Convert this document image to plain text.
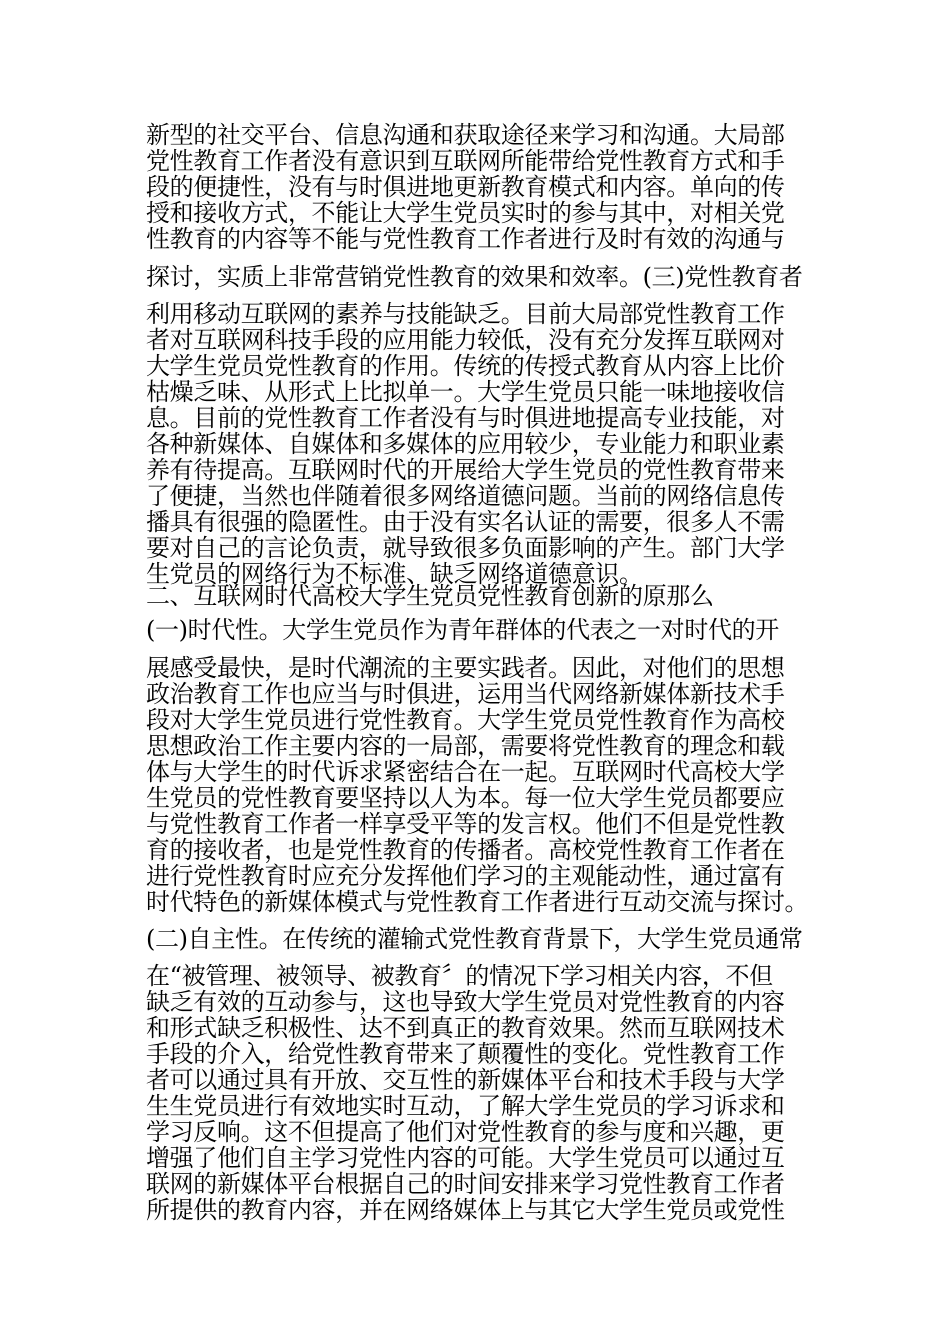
新型的社交平台、信息沟通和获取途径来学习和沟通。大局部
党性教育工作者没有意识到互联网所能带给党性教育方式和手
段的便捷性，没有与时俱进地更新教育模式和内容。单向的传
授和接收方式，不能让大学生党员实时的参与其中，对相关党
性教育的内容等不能与党性教育工作者进行及时有效的沟通与
探讨，实质上非常营销党性教育的效果和效率。(三)党性教育者
利用移动互联网的素养与技能缺乏。目前大局部党性教育工作
者对互联网科技手段的应用能力较低，没有充分发挥互联网对
大学生党员党性教育的作用。传统的传授式教育从内容上比价
枯燥乏味、从形式上比拟单一。大学生党员只能一味地接收信
息。目前的党性教育工作者没有与时俱进地提高专业技能，对
各种新媒体、自媒体和多媒体的应用较少，专业能力和职业素
养有待提高。互联网时代的开展给大学生党员的党性教育带来
了便捷，当然也伴随着很多网络道德问题。当前的网络信息传
播具有很强的隐匿性。由于没有实名认证的需要，很多人不需
要对自己的言论负责，就导致很多负面影响的产生。部门大学
生党员的网络行为不标准、缺乏网络道德意识。
二、互联网时代高校大学生党员党性教育创新的原那么
(一)时代性。大学生党员作为青年群体的代表之一对时代的开
展感受最快，是时代潮流的主要实践者。因此，对他们的思想
政治教育工作也应当与时俱进，运用当代网络新媒体新技术手
段对大学生党员进行党性教育。大学生党员党性教育作为高校
思想政治工作主要内容的一局部，需要将党性教育的理念和载
体与大学生的时代诉求紧密结合在一起。互联网时代高校大学
生党员的党性教育要坚持以人为本。每一位大学生党员都要应
与党性教育工作者一样享受平等的发言权。他们不但是党性教
育的接收者，也是党性教育的传播者。高校党性教育工作者在
进行党性教育时应充分发挥他们学习的主观能动性，通过富有
时代特色的新媒体模式与党性教育工作者进行互动交流与探讨。
(二)自主性。在传统的灌输式党性教育背景下，大学生党员通常
在“被管理、被领导、被教育〞的情况下学习相关内容，不但
缺乏有效的互动参与，这也导致大学生党员对党性教育的内容
和形式缺乏积极性、达不到真正的教育效果。然而互联网技术
手段的介入，给党性教育带来了颠覆性的变化。党性教育工作
者可以通过具有开放、交互性的新媒体平台和技术手段与大学
生生党员进行有效地实时互动，了解大学生党员的学习诉求和
学习反响。这不但提高了他们对党性教育的参与度和兴趣，更
增强了他们自主学习党性内容的可能。大学生党员可以通过互
联网的新媒体平台根据自己的时间安排来学习党性教育工作者
所提供的教育内容，并在网络媒体上与其它大学生党员或党性
